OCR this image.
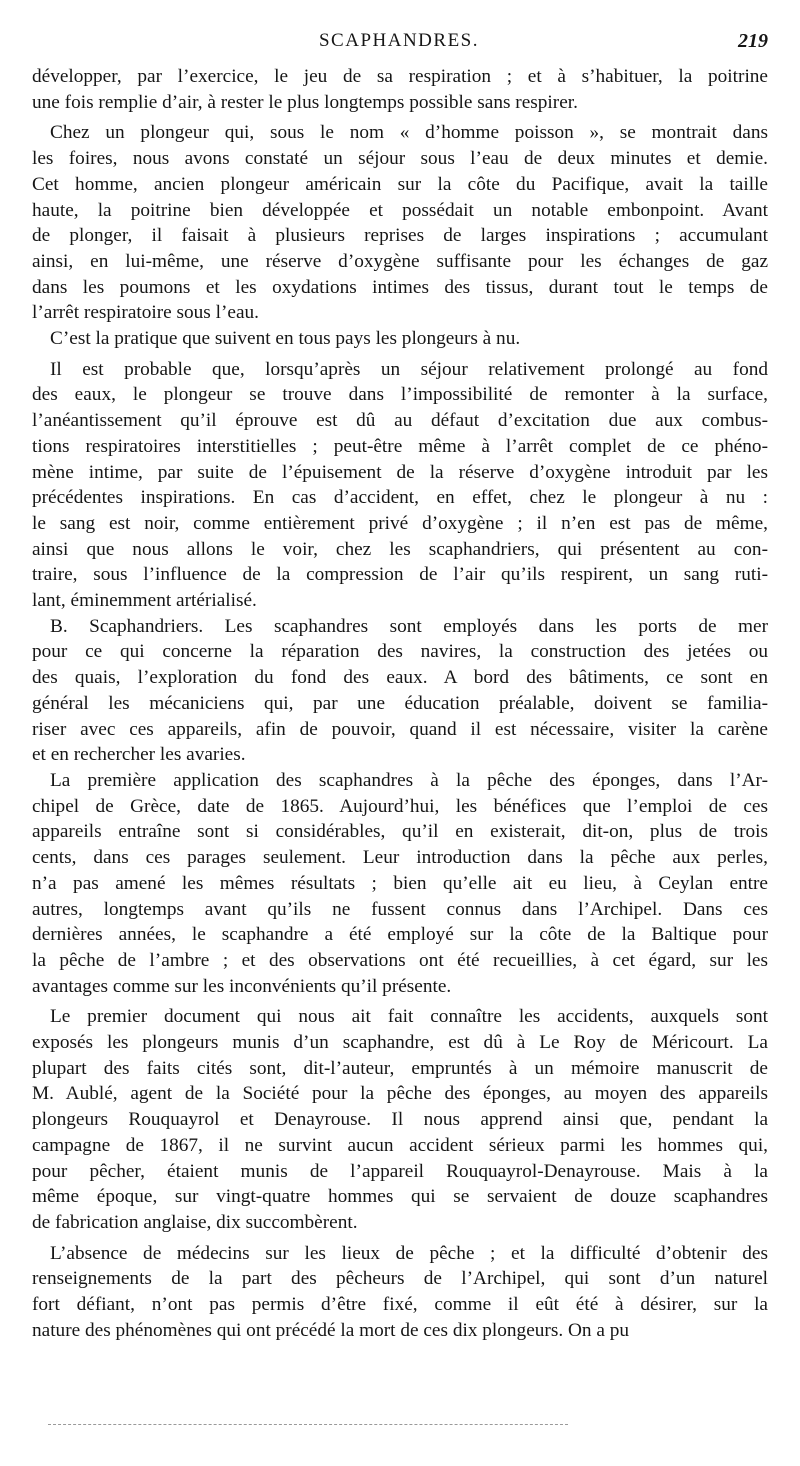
SCAPHANDRES.	219
développer, par l’exercice, le jeu de sa respiration ; et à s’habituer, la poitrine
une fois remplie d’air, à rester le plus longtemps possible sans respirer.
Chez un plongeur qui, sous le nom « d’homme poisson », se montrait dans
les foires, nous avons constaté un séjour sous l’eau de deux minutes et demie.
Cet homme, ancien plongeur américain sur la côte du Pacifique, avait la taille
haute, la poitrine bien développée et possédait un notable embonpoint. Avant
de plonger, il faisait à plusieurs reprises de larges inspirations ; accumulant
ainsi, en lui-même, une réserve d’oxygène suffisante pour les échanges de gaz
dans les poumons et les oxydations intimes des tissus, durant tout le temps de
l’arrêt respiratoire sous l’eau.
C’est la pratique que suivent en tous pays les plongeurs à nu.
Il est probable que, lorsqu’après un séjour relativement prolongé au fond
des eaux, le plongeur se trouve dans l’impossibilité de remonter à la surface,
l’anéantissement qu’il éprouve est dû au défaut d’excitation due aux combus-
tions respiratoires interstitielles ; peut-être même à l’arrêt complet de ce phéno-
mène intime, par suite de l’épuisement de la réserve d’oxygène introduit par les
précédentes inspirations. En cas d’accident, en effet, chez le plongeur à nu :
le sang est noir, comme entièrement privé d’oxygène ; il n’en est pas de même,
ainsi que nous allons le voir, chez les scaphandriers, qui présentent au con-
traire, sous l’influence de la compression de l’air qu’ils respirent, un sang ruti-
lant, éminemment artérialisé.
B. Scaphandriers. Les scaphandres sont employés dans les ports de mer
pour ce qui concerne la réparation des navires, la construction des jetées ou
des quais, l’exploration du fond des eaux. A bord des bâtiments, ce sont en
général les mécaniciens qui, par une éducation préalable, doivent se familia-
riser avec ces appareils, afin de pouvoir, quand il est nécessaire, visiter la carène
et en rechercher les avaries.
La première application des scaphandres à la pêche des éponges, dans l’Ar-
chipel de Grèce, date de 1865. Aujourd’hui, les bénéfices que l’emploi de ces
appareils entraîne sont si considérables, qu’il en existerait, dit-on, plus de trois
cents, dans ces parages seulement. Leur introduction dans la pêche aux perles,
n’a pas amené les mêmes résultats ; bien qu’elle ait eu lieu, à Ceylan entre
autres, longtemps avant qu’ils ne fussent connus dans l’Archipel. Dans ces
dernières années, le scaphandre a été employé sur la côte de la Baltique pour
la pêche de l’ambre ; et des observations ont été recueillies, à cet égard, sur les
avantages comme sur les inconvénients qu’il présente.
Le premier document qui nous ait fait connaître les accidents, auxquels sont
exposés les plongeurs munis d’un scaphandre, est dû à Le Roy de Méricourt. La
plupart des faits cités sont, dit-l’auteur, empruntés à un mémoire manuscrit de
M. Aublé, agent de la Société pour la pêche des éponges, au moyen des appareils
plongeurs Rouquayrol et Denayrouse. Il nous apprend ainsi que, pendant la
campagne de 1867, il ne survint aucun accident sérieux parmi les hommes qui,
pour pêcher, étaient munis de l’appareil Rouquayrol-Denayrouse. Mais à la
même époque, sur vingt-quatre hommes qui se servaient de douze scaphandres
de fabrication anglaise, dix succombèrent.
L’absence de médecins sur les lieux de pêche ; et la difficulté d’obtenir des
renseignements de la part des pêcheurs de l’Archipel, qui sont d’un naturel
fort défiant, n’ont pas permis d’être fixé, comme il eût été à désirer, sur la
nature des phénomènes qui ont précédé la mort de ces dix plongeurs. On a pu
